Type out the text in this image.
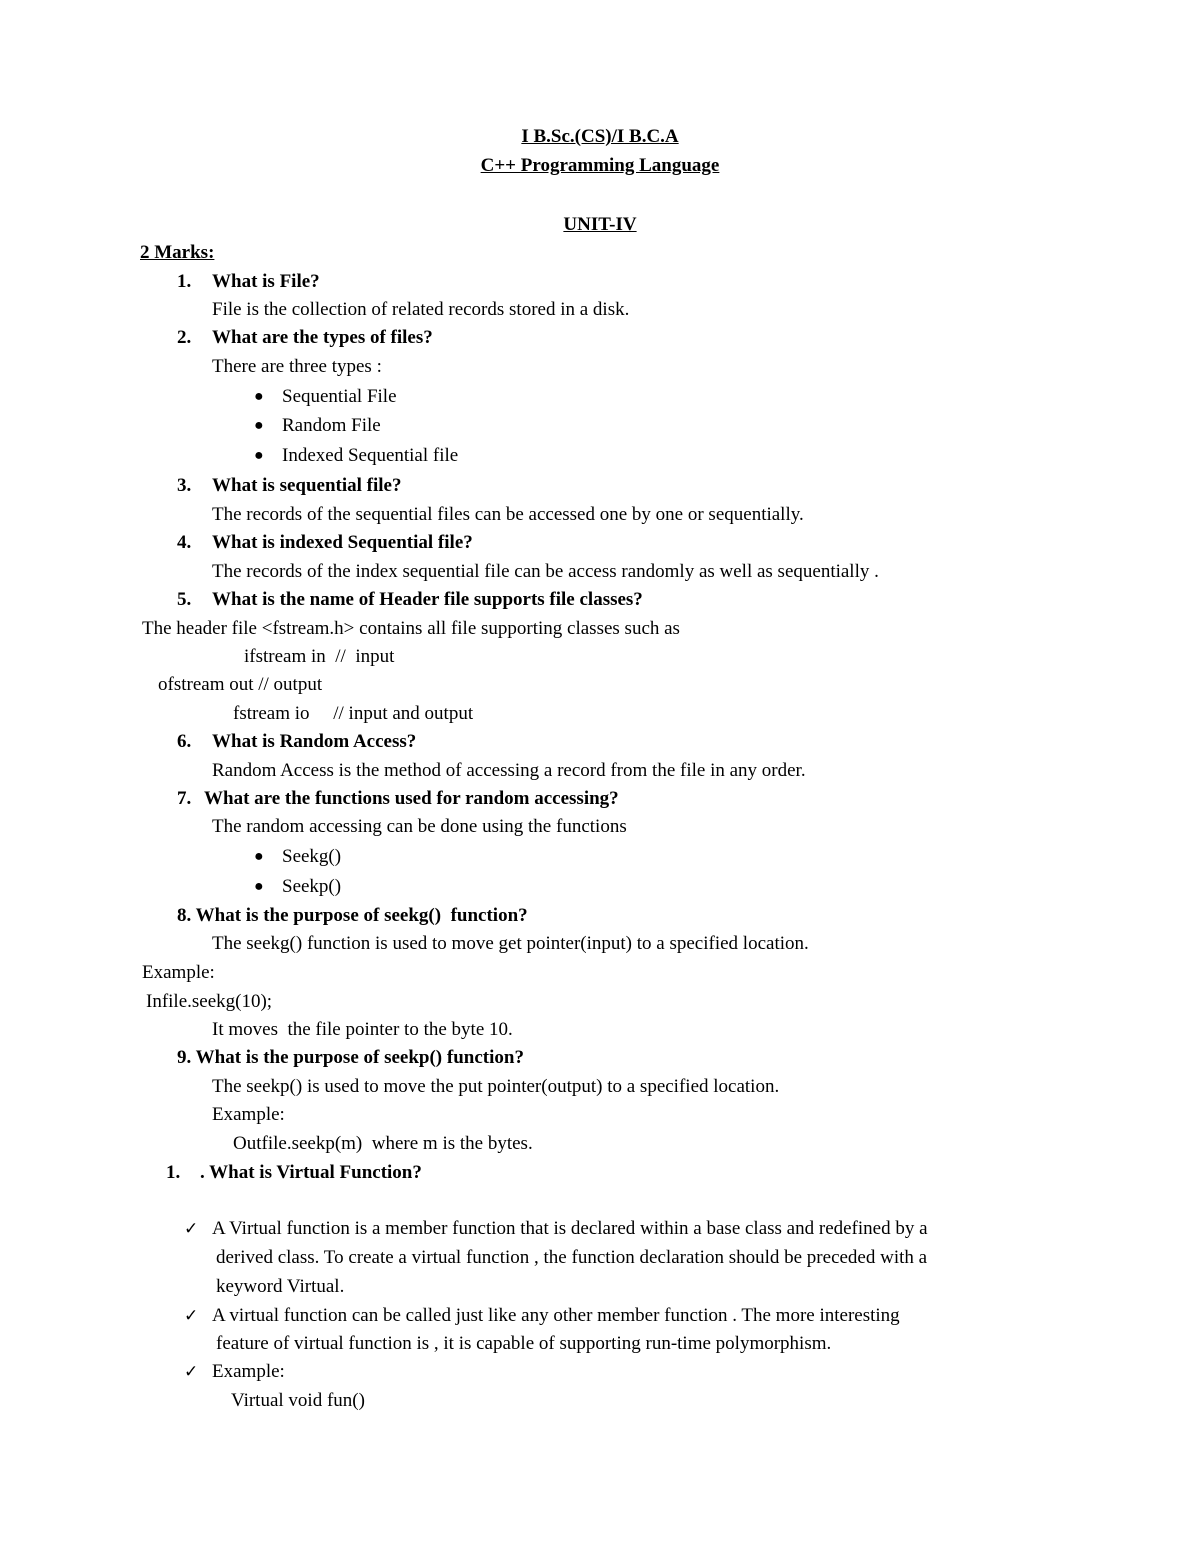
I B.Sc.(CS)/I B.C.A
C++ Programming Language
UNIT-IV
2 Marks:
1. What is File?
File is the collection of related records stored in a disk.
2. What are the types of files?
There are three types :
● Sequential File
● Random File
● Indexed Sequential file
3. What is sequential file?
The records of the sequential files can be accessed one by one or sequentially.
4. What is indexed Sequential file?
The records of the index sequential file can be access randomly as well as sequentially .
5. What is the name of Header file supports file classes?
The header file <fstream.h> contains all file supporting classes such as
ifstream in  //  input
ofstream out // output
fstream io     // input and output
6. What is Random Access?
Random Access is the method of accessing a record from the file in any order.
7. What are the functions used for random accessing?
The random accessing can be done using the functions
● Seekg()
● Seekp()
8. What is the purpose of seekg()  function?
The seekg() function is used to move get pointer(input) to a specified location.
Example:
Infile.seekg(10);
It moves  the file pointer to the byte 10.
9. What is the purpose of seekp() function?
The seekp() is used to move the put pointer(output) to a specified location.
Example:
Outfile.seekp(m)  where m is the bytes.
1. . What is Virtual Function?
✓ A Virtual function is a member function that is declared within a base class and redefined by a
derived class. To create a virtual function , the function declaration should be preceded with a
keyword Virtual.
✓ A virtual function can be called just like any other member function . The more interesting
feature of virtual function is , it is capable of supporting run-time polymorphism.
✓ Example:
Virtual void fun()
